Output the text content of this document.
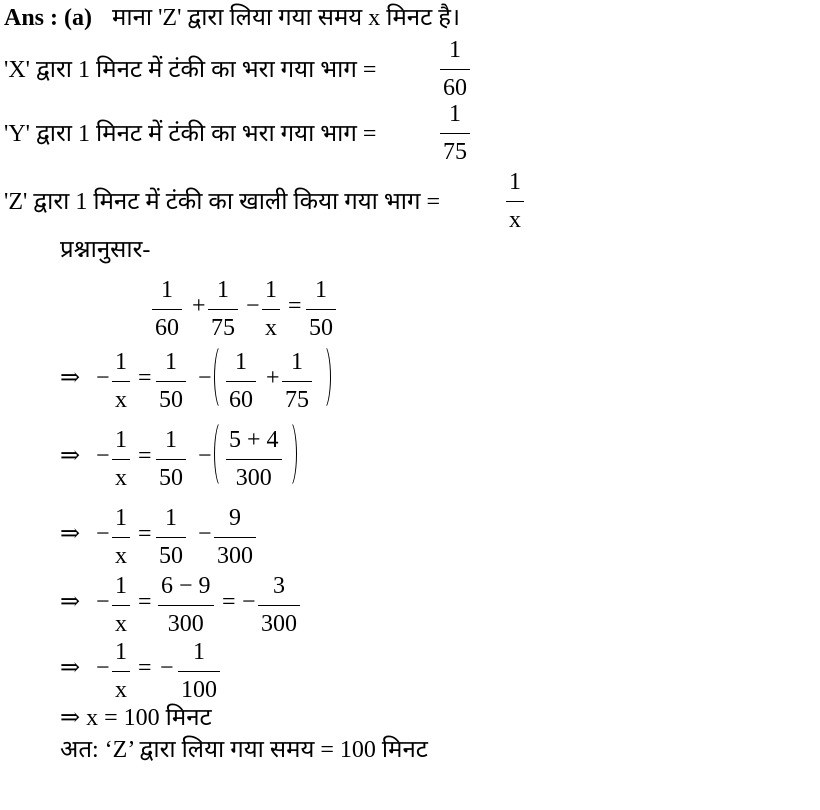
Ans : (a) माना 'Z' द्वारा लिया गया समय x मिनट है।
'X' द्वारा 1 मिनट में टंकी का भरा गया भाग =
1
60
'Y' द्वारा 1 मिनट में टंकी का भरा गया भाग =
1
75
'Z' द्वारा 1 मिनट में टंकी का खाली किया गया भाग =
1
x
प्रश्नानुसार-
1
60
+
1
75
−
1
x
=
1
50
⇒ −
1
x
=
1
50
−
1
60
+
1
75
⇒ −
1
x
=
1
50
−
5 + 4
300
⇒ −
1
x
=
1
50
−
9
300
⇒ −
1
x
=
6 − 9
300
= −
3
300
⇒ −
1
x
= −
1
100
⇒ x = 100 मिनट
अत: ‘Z’ द्वारा लिया गया समय = 100 मिनट
